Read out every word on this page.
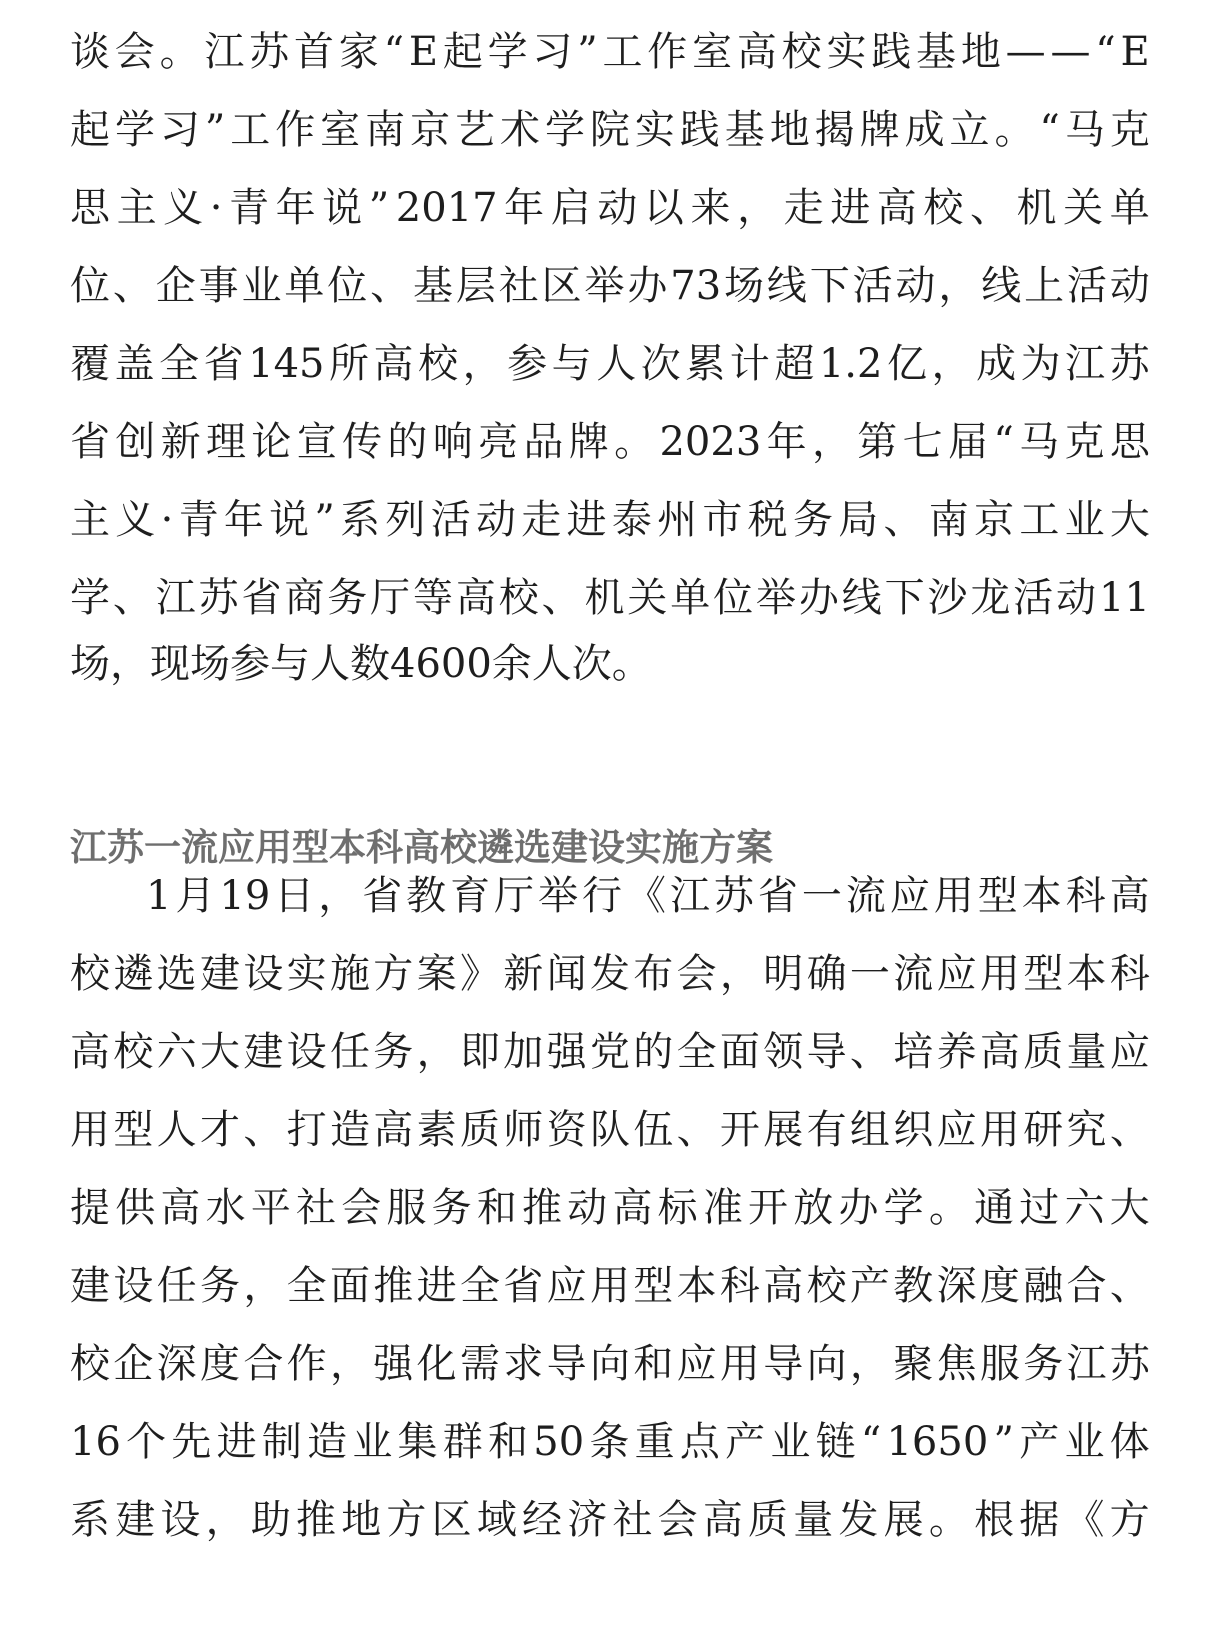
谈 会 。 江 苏 首 家 “ E 起 学 习 ” 工 作 室 高 校 实 践 基 地 — — “ E
起 学 习 ” 工 作 室 南 京 艺 术 学 院 实 践 基 地 揭 牌 成 立 。 “ 马 克
思 主 义 · 青 年 说 ” 2017 年 启 动 以 来 ， 走 进 高 校 、 机 关 单
位 、 企 事 业 单 位 、 基 层 社 区 举 办 73 场 线 下 活 动 ， 线 上 活 动
覆 盖 全 省 145 所 高 校 ， 参 与 人 次 累 计 超 1.2 亿 ， 成 为 江 苏
省 创 新 理 论 宣 传 的 响 亮 品 牌 。 2023 年 ， 第 七 届 “ 马 克 思
主 义 · 青 年 说 ” 系 列 活 动 走 进 泰 州 市 税 务 局 、 南 京 工 业 大
学 、 江 苏 省 商 务 厅 等 高 校 、 机 关 单 位 举 办 线 下 沙 龙 活 动 11
场，现场参与人数4600余人次。
江苏一流应用型本科高校遴选建设实施方案
1 月 19 日 ， 省 教 育 厅 举 行 《 江 苏 省 一 流 应 用 型 本 科 高
校 遴 选 建 设 实 施 方 案 》 新 闻 发 布 会 ， 明 确 一 流 应 用 型 本 科
高 校 六 大 建 设 任 务 ， 即 加 强 党 的 全 面 领 导 、 培 养 高 质 量 应
用 型 人 才 、 打 造 高 素 质 师 资 队 伍 、 开 展 有 组 织 应 用 研 究 、
提 供 高 水 平 社 会 服 务 和 推 动 高 标 准 开 放 办 学 。 通 过 六 大
建 设 任 务 ， 全 面 推 进 全 省 应 用 型 本 科 高 校 产 教 深 度 融 合 、
校 企 深 度 合 作 ， 强 化 需 求 导 向 和 应 用 导 向 ， 聚 焦 服 务 江 苏
16 个 先 进 制 造 业 集 群 和 50 条 重 点 产 业 链 “ 1650 ” 产 业 体
系 建 设 ， 助 推 地 方 区 域 经 济 社 会 高 质 量 发 展 。 根 据 《 方
